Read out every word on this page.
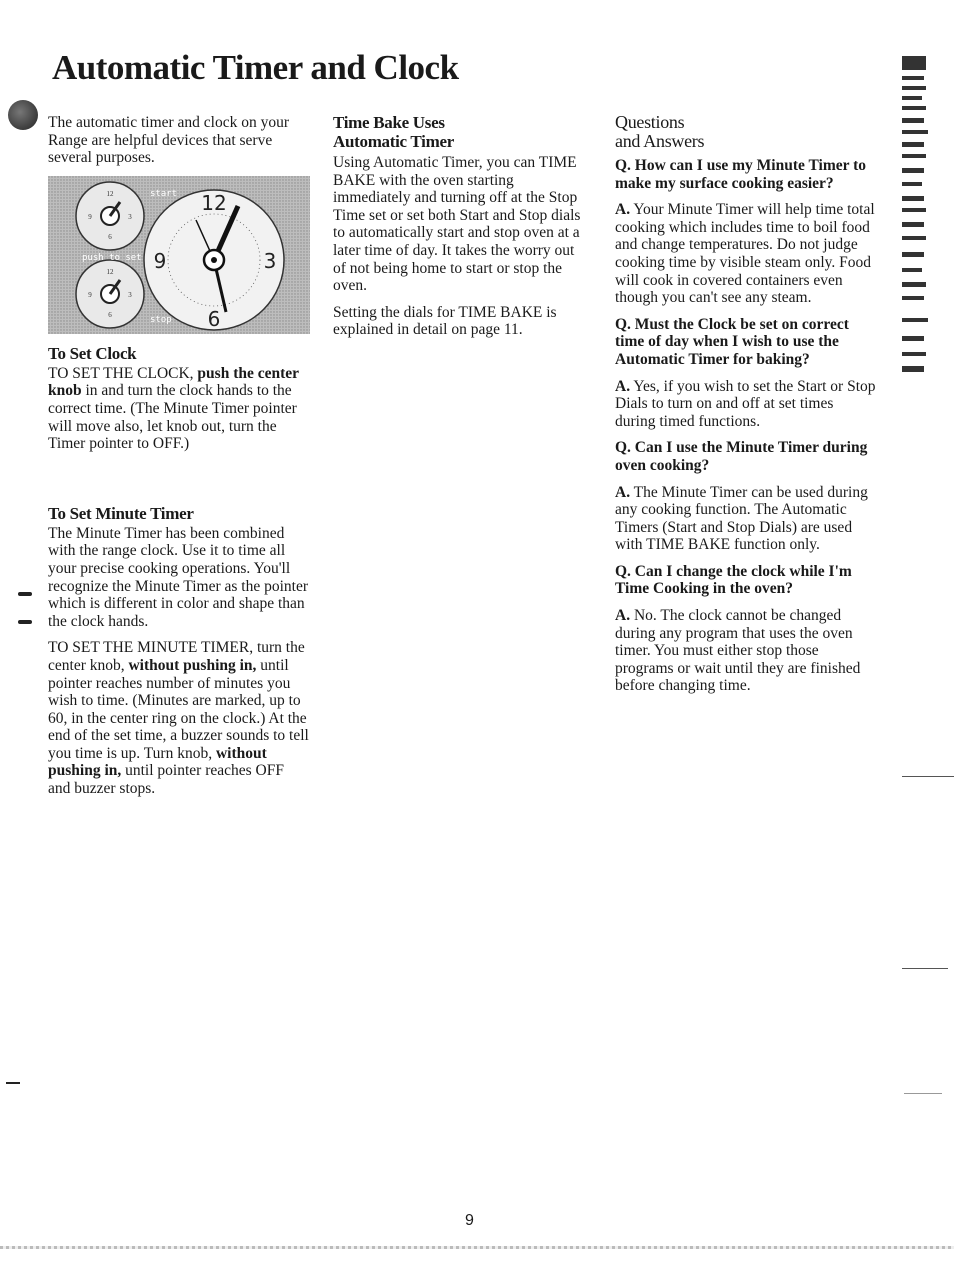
Automatic Timer and Clock

The automatic timer and clock on your Range are helpful devices that serve several purposes.

12
9	3
6
12
9	3
6
start
push to set
stop
12
9	3
6
To Set Clock

TO SET THE CLOCK, push the center knob in and turn the clock hands to the correct time. (The Minute Timer pointer will move also, let knob out, turn the Timer pointer to OFF.)

To Set Minute Timer

The Minute Timer has been combined with the range clock. Use it to time all your precise cooking operations. You'll recognize the Minute Timer as the pointer which is different in color and shape than the clock hands.

TO SET THE MINUTE TIMER, turn the center knob, without pushing in, until pointer reaches number of minutes you wish to time. (Minutes are marked, up to 60, in the center ring on the clock.) At the end of the set time, a buzzer sounds to tell you time is up. Turn knob, without pushing in, until pointer reaches OFF and buzzer stops.

Time Bake Uses
Automatic Timer

Using Automatic Timer, you can TIME BAKE with the oven starting immediately and turning off at the Stop Time set or set both Start and Stop dials to automatically start and stop oven at a later time of day. It takes the worry out of not being home to start or stop the oven.

Setting the dials for TIME BAKE is explained in detail on page 11.

Questions
and Answers

Q. How can I use my Minute Timer to make my surface cooking easier?

A. Your Minute Timer will help time total cooking which includes time to boil food and change temperatures. Do not judge cooking time by visible steam only. Food will cook in covered containers even though you can't see any steam.

Q. Must the Clock be set on correct time of day when I wish to use the Automatic Timer for baking?

A. Yes, if you wish to set the Start or Stop Dials to turn on and off at set times during timed functions.

Q. Can I use the Minute Timer during oven cooking?

A. The Minute Timer can be used during any cooking function. The Automatic Timers (Start and Stop Dials) are used with TIME BAKE function only.

Q. Can I change the clock while I'm Time Cooking in the oven?

A. No. The clock cannot be changed during any program that uses the oven timer. You must either stop those programs or wait until they are finished before changing time.

9
